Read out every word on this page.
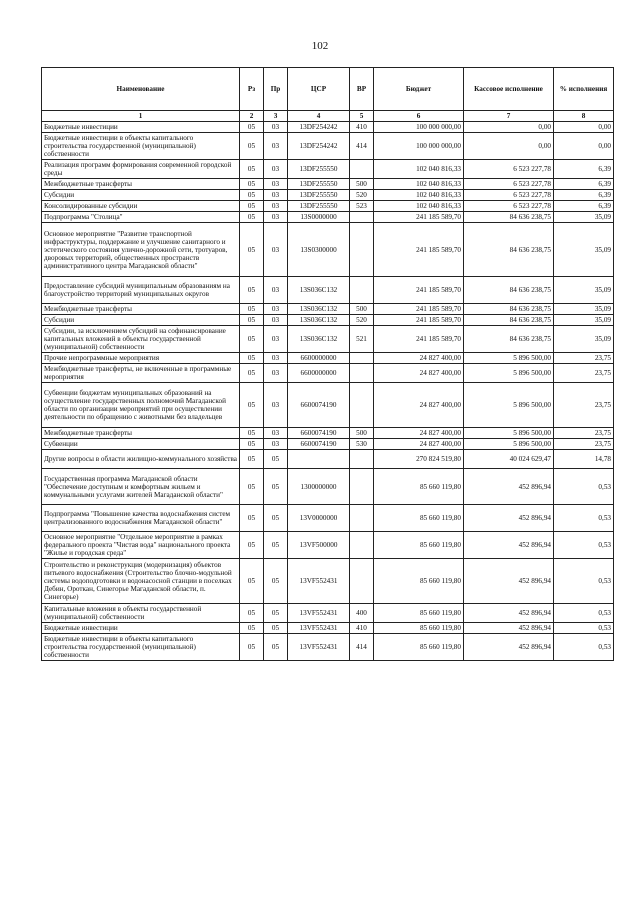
102
Наименование	Рз	Пр	ЦСР	ВР	Бюджет	Кассовое исполнение	% исполнения
1	2	3	4	5	6	7	8
Бюджетные инвестиции	05	03	13DF254242	410	100 000 000,00	0,00	0,00
Бюджетные инвестиции в объекты капитального строительства государственной (муниципальной) собственности	05	03	13DF254242	414	100 000 000,00	0,00	0,00
Реализация программ формирования современной городской среды	05	03	13DF255550		102 040 816,33	6 523 227,78	6,39
Межбюджетные трансферты	05	03	13DF255550	500	102 040 816,33	6 523 227,78	6,39
Субсидии	05	03	13DF255550	520	102 040 816,33	6 523 227,78	6,39
Консолидированные субсидии	05	03	13DF255550	523	102 040 816,33	6 523 227,78	6,39
Подпрограмма "Столица"	05	03	13S0000000		241 185 589,70	84 636 238,75	35,09
Основное мероприятие "Развитие транспортной инфраструктуры, поддержание и улучшение санитарного и эстетического состояния улично-дорожной сети, тротуаров, дворовых территорий, общественных пространств административного центра Магаданской области"	05	03	13S0300000		241 185 589,70	84 636 238,75	35,09
Предоставление субсидий муниципальным образованиям на благоустройство территорий муниципальных округов	05	03	13S036C132		241 185 589,70	84 636 238,75	35,09
Межбюджетные трансферты	05	03	13S036C132	500	241 185 589,70	84 636 238,75	35,09
Субсидии	05	03	13S036C132	520	241 185 589,70	84 636 238,75	35,09
Субсидии, за исключением субсидий на софинансирование капитальных вложений в объекты государственной (муниципальной) собственности	05	03	13S036C132	521	241 185 589,70	84 636 238,75	35,09
Прочие непрограммные мероприятия	05	03	6600000000		24 827 400,00	5 896 500,00	23,75
Межбюджетные трансферты, не включенные в программные мероприятия	05	03	6600000000		24 827 400,00	5 896 500,00	23,75
Субвенции бюджетам муниципальных образований на осуществление государственных полномочий Магаданской области по организации мероприятий при осуществлении деятельности по обращению с животными без владельцев	05	03	6600074190		24 827 400,00	5 896 500,00	23,75
Межбюджетные трансферты	05	03	6600074190	500	24 827 400,00	5 896 500,00	23,75
Субвенции	05	03	6600074190	530	24 827 400,00	5 896 500,00	23,75
Другие вопросы в области жилищно-коммунального хозяйства	05	05			270 824 519,80	40 024 629,47	14,78
Государственная программа Магаданской области "Обеспечение доступным и комфортным жильем и коммунальными услугами жителей Магаданской области"	05	05	1300000000		85 660 119,80	452 896,94	0,53
Подпрограмма "Повышение качества водоснабжения систем централизованного водоснабжения Магаданской области"	05	05	13V0000000		85 660 119,80	452 896,94	0,53
Основное мероприятие "Отдельное мероприятие в рамках федерального проекта "Чистая вода" национального проекта "Жилье и городская среда"	05	05	13VF500000		85 660 119,80	452 896,94	0,53
Строительство и реконструкция (модернизация) объектов питьевого водоснабжения (Строительство блочно-модульной системы водоподготовки и водонасосной станции в поселках Дебин, Ороткан, Синегорье Магаданской области, п. Синегорье)	05	05	13VF552431		85 660 119,80	452 896,94	0,53
Капитальные вложения в объекты государственной (муниципальной) собственности	05	05	13VF552431	400	85 660 119,80	452 896,94	0,53
Бюджетные инвестиции	05	05	13VF552431	410	85 660 119,80	452 896,94	0,53
Бюджетные инвестиции в объекты капитального строительства государственной (муниципальной) собственности	05	05	13VF552431	414	85 660 119,80	452 896,94	0,53
